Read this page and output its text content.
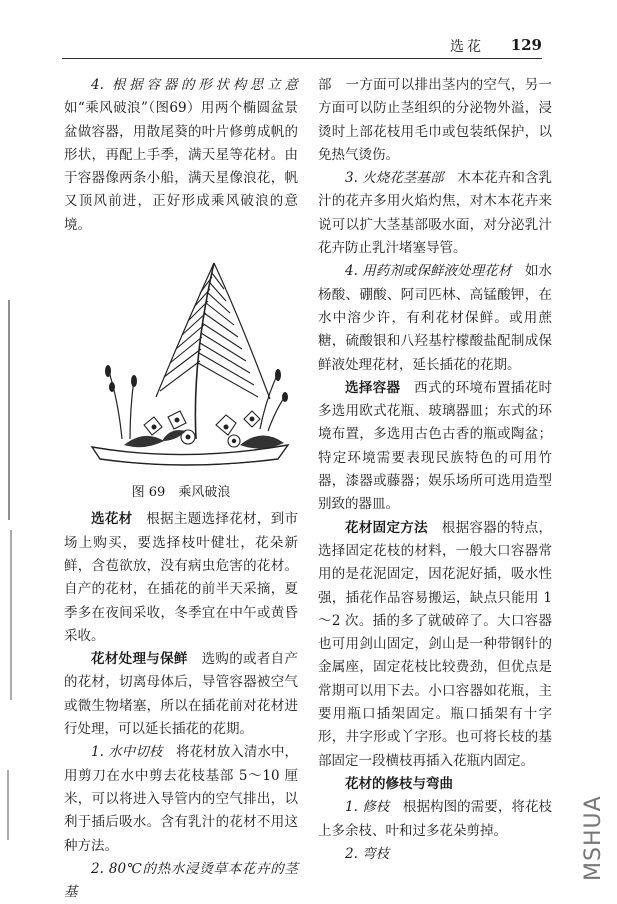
选花 129

4. 根据容器的形状构思立意　如“乘风破浪”（图69）用两个椭圆盆景盆做容器，用散尾葵的叶片修剪成帆的形状，再配上手季，满天星等花材。由于容器像两条小船，满天星像浪花，帆又顶风前进，正好形成乘风破浪的意境。

图 69　乘风破浪

选花材　 根据主题选择花材，到市场上购买，要选择枝叶健壮，花朵新鲜，含苞欲放，没有病虫危害的花材。自产的花材，在插花的前半天采摘，夏季多在夜间采收，冬季宜在中午或黄昏采收。

花材处理与保鲜　 选购的或者自产的花材，切离母体后，导管容器被空气或微生物堵塞，所以在插花前对花材进行处理，可以延长插花的花期。

1. 水中切枝　 将花材放入清水中，用剪刀在水中剪去花枝基部 5～10 厘米，可以将进入导管内的空气排出，以利于插后吸水。含有乳汁的花材不用这种方法。

2. 80℃的热水浸烫草本花卉的茎基

部　一方面可以排出茎内的空气，另一方面可以防止茎组织的分泌物外溢，浸烫时上部花枝用毛巾或包装纸保护，以免热气烫伤。

3. 火烧花茎基部　 木本花卉和含乳汁的花卉多用火焰灼焦，对木本花卉来说可以扩大茎基部吸水面，对分泌乳汁花卉防止乳汁堵塞导管。

4. 用药剂或保鲜液处理花材　 如水杨酸、硼酸、阿司匹林、高锰酸钾，在水中溶少许，有利花材保鲜。或用蔗糖，硫酸银和八羟基柠檬酸盐配制成保鲜液处理花材，延长插花的花期。

选择容器　 西式的环境布置插花时多选用欧式花瓶、玻璃器皿；东式的环境布置，多选用古色古香的瓶或陶盆；特定环境需要表现民族特色的可用竹器，漆器或藤器；娱乐场所可选用造型别致的器皿。

花材固定方法　 根据容器的特点，选择固定花枝的材料，一般大口容器常用的是花泥固定，因花泥好插，吸水性强，插花作品容易搬运，缺点只能用 1～2 次。插的多了就破碎了。大口容器也可用剑山固定，剑山是一种带钢针的金属座，固定花枝比较费劲，但优点是常期可以用下去。小口容器如花瓶，主要用瓶口插架固定。瓶口插架有十字形，井字形或丫字形。也可将长枝的基部固定一段横枝再插入花瓶内固定。

花材的修枝与弯曲

1. 修枝　 根据构图的需要，将花枝上多余枝、叶和过多花朵剪掉。

2. 弯枝	MSHUA
